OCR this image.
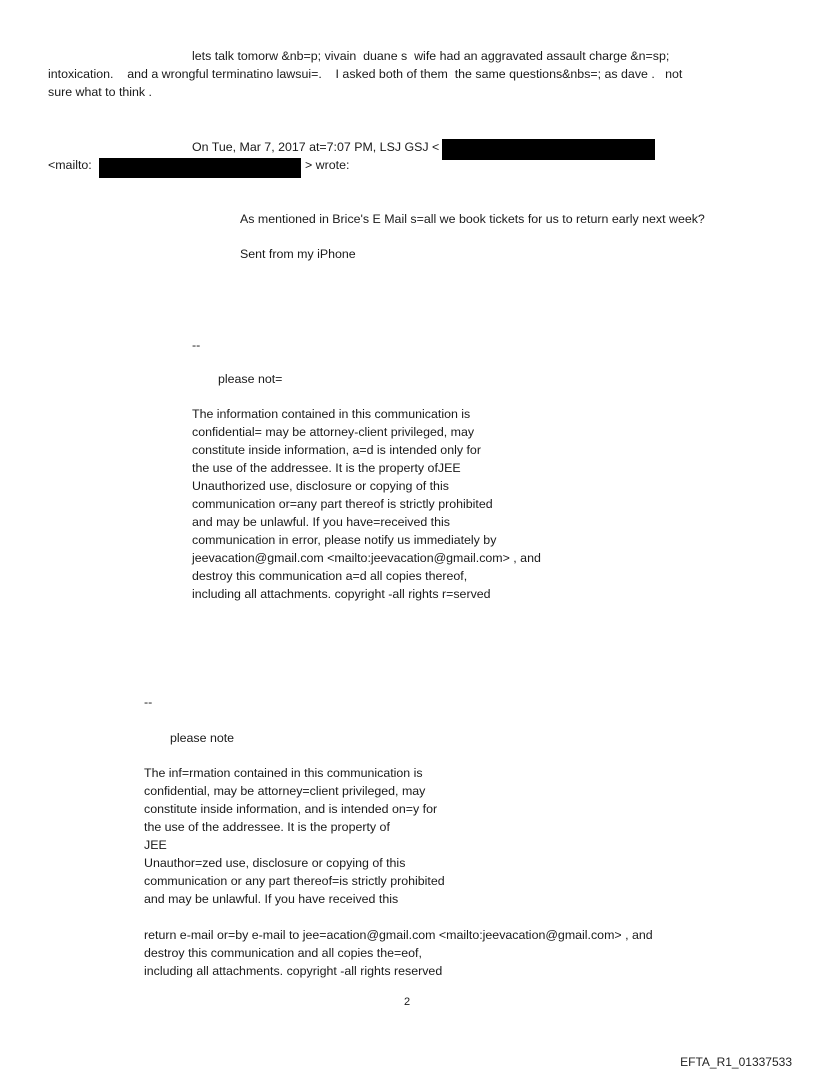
lets talk tomorw &nb=p; vivain  duane s  wife had an aggravated assault charge &n=sp;
intoxication.    and a wrongful terminatino lawsui=.    I asked both of them  the same questions&nbs=; as dave .   not
sure what to think .
On Tue, Mar 7, 2017 at=7:07 PM, LSJ GSJ <
<mailto:	> wrote:
As mentioned in Brice's E Mail s=all we book tickets for us to return early next week?
Sent from my iPhone
--
please not=
The information contained in this communication is
confidential= may be attorney-client privileged, may
constitute inside information, a=d is intended only for
the use of the addressee. It is the property ofJEE
Unauthorized use, disclosure or copying of this
communication or=any part thereof is strictly prohibited
and may be unlawful. If you have=received this
communication in error, please notify us immediately by
jeevacation@gmail.com <mailto:jeevacation@gmail.com> , and
destroy this communication a=d all copies thereof,
including all attachments. copyright -all rights r=served
--
please note
The inf=rmation contained in this communication is
confidential, may be attorney=client privileged, may
constitute inside information, and is intended on=y for
the use of the addressee. It is the property of
JEE
Unauthor=zed use, disclosure or copying of this
communication or any part thereof=is strictly prohibited
and may be unlawful. If you have received this
return e-mail or=by e-mail to jee=acation@gmail.com <mailto:jeevacation@gmail.com> , and
destroy this communication and all copies the=eof,
including all attachments. copyright -all rights reserved
2
EFTA_R1_01337533
